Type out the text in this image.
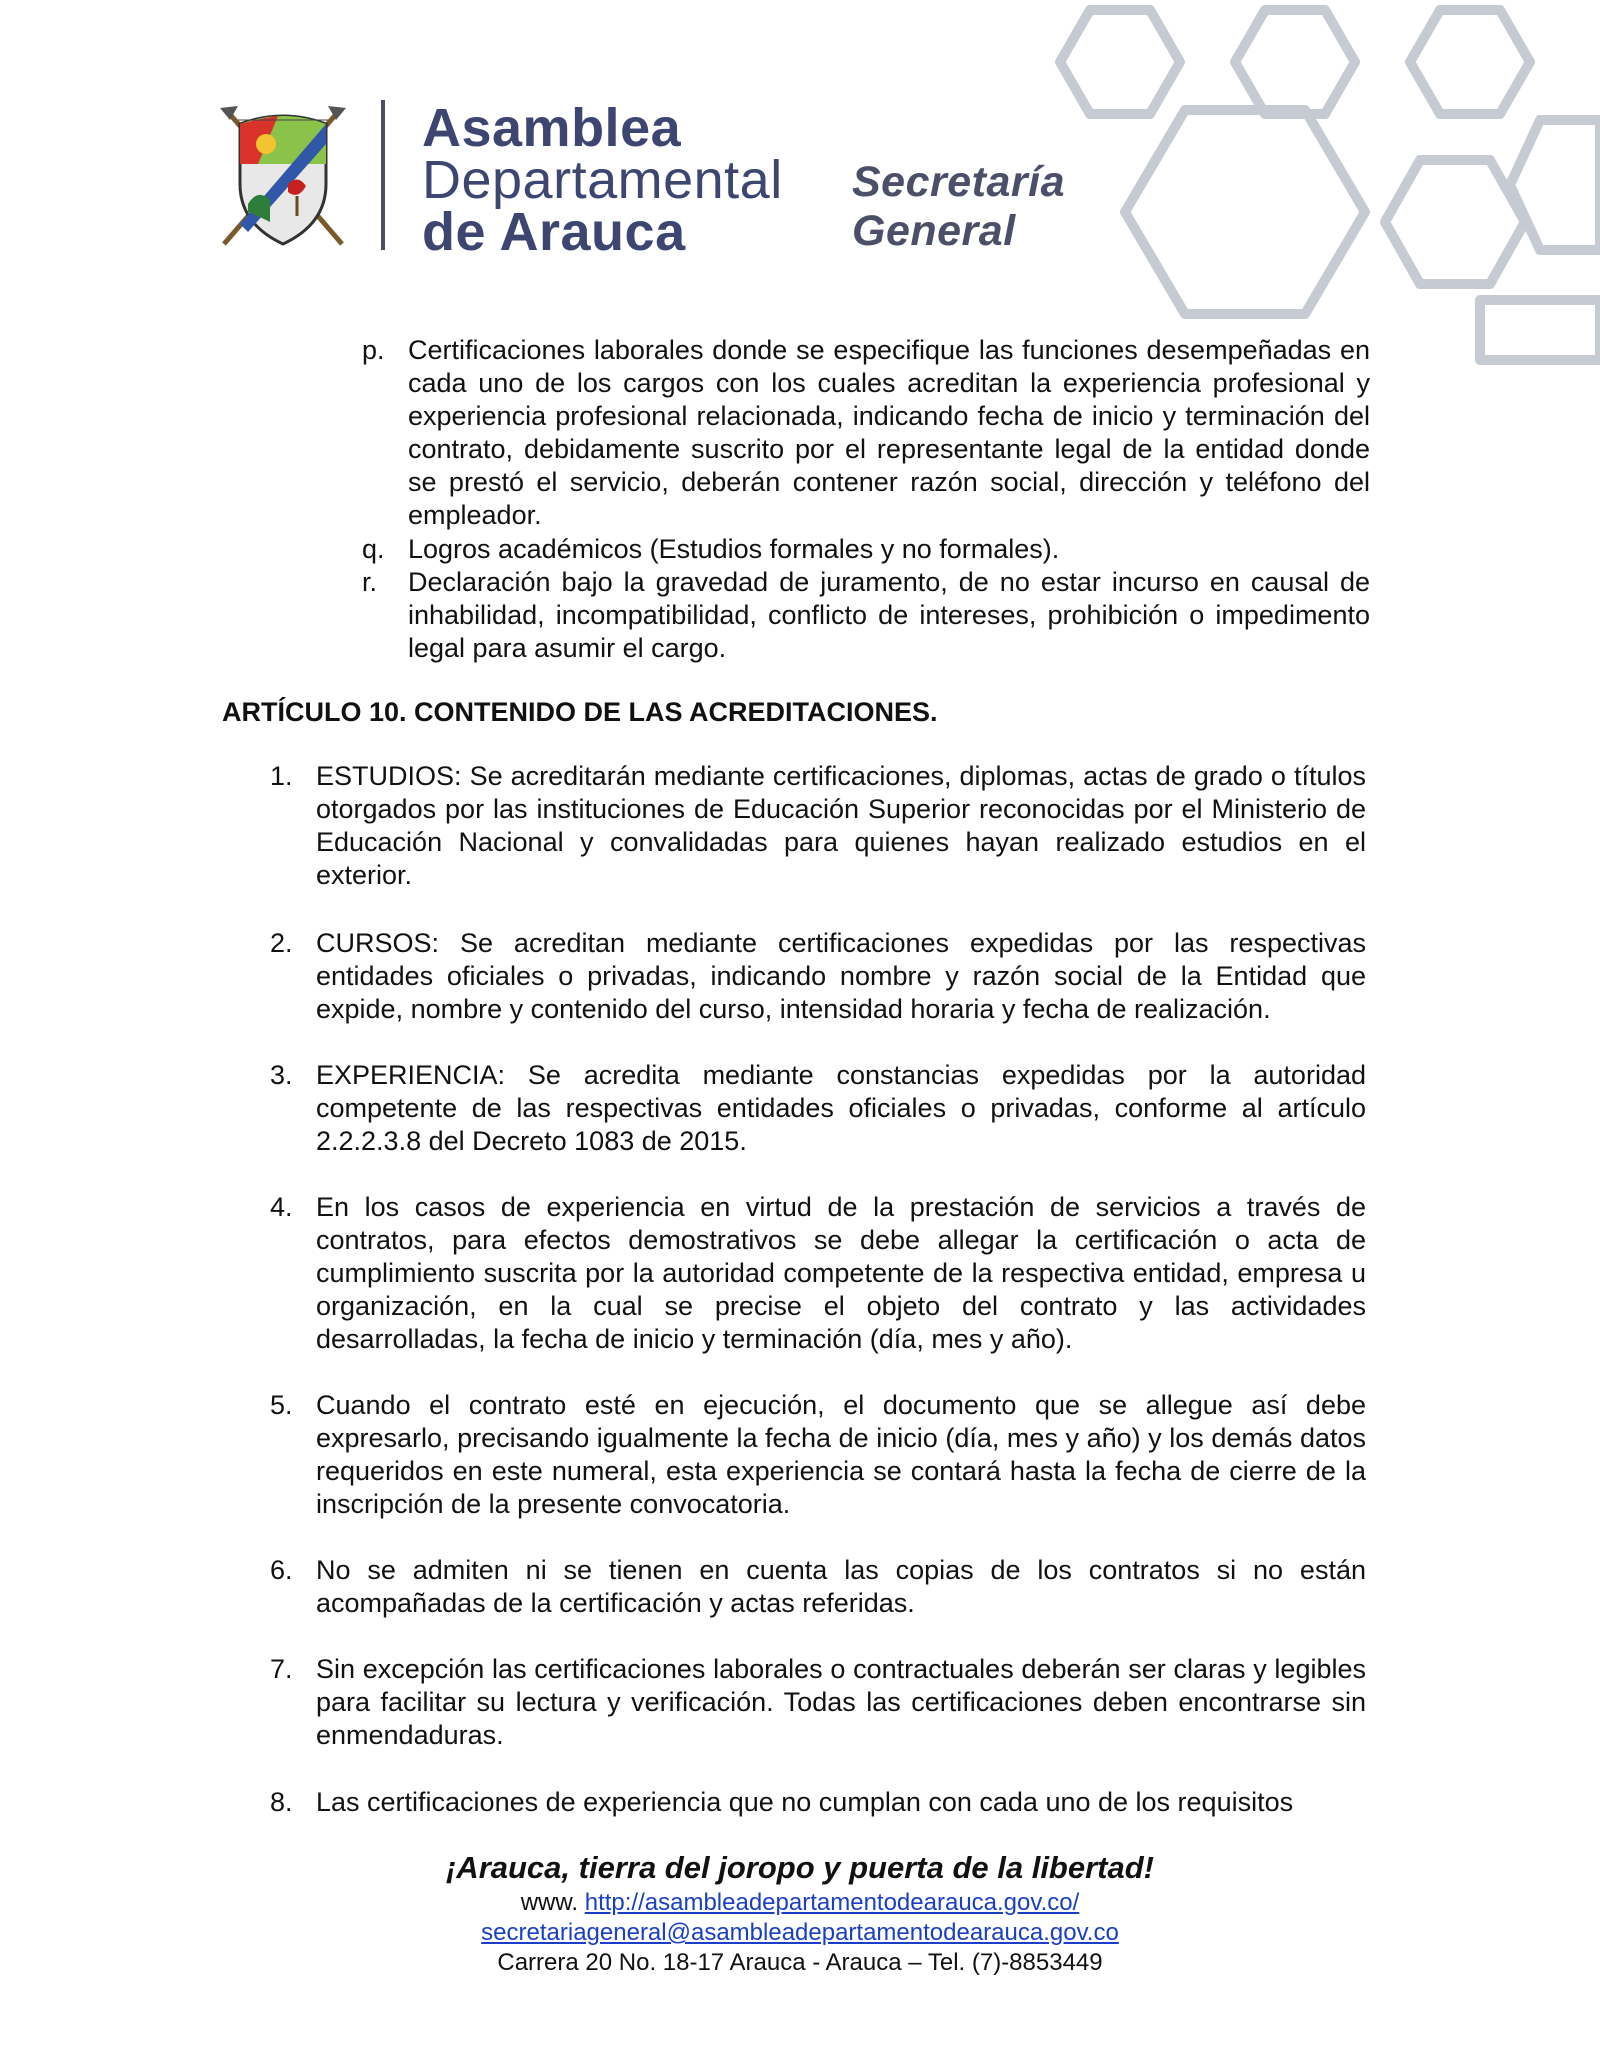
Asamblea
Departamental
de Arauca
Secretaría General
p. Certificaciones laborales donde se especifique las funciones desempeñadas en cada uno de los cargos con los cuales acreditan la experiencia profesional y experiencia profesional relacionada, indicando fecha de inicio y terminación del contrato, debidamente suscrito por el representante legal de la entidad donde se prestó el servicio, deberán contener razón social, dirección y teléfono del empleador.
q. Logros académicos (Estudios formales y no formales).
r. Declaración bajo la gravedad de juramento, de no estar incurso en causal de inhabilidad, incompatibilidad, conflicto de intereses, prohibición o impedimento legal para asumir el cargo.
ARTÍCULO 10. CONTENIDO DE LAS ACREDITACIONES.
1. ESTUDIOS: Se acreditarán mediante certificaciones, diplomas, actas de grado o títulos otorgados por las instituciones de Educación Superior reconocidas por el Ministerio de Educación Nacional y convalidadas para quienes hayan realizado estudios en el exterior.
2. CURSOS: Se acreditan mediante certificaciones expedidas por las respectivas entidades oficiales o privadas, indicando nombre y razón social de la Entidad que expide, nombre y contenido del curso, intensidad horaria y fecha de realización.
3. EXPERIENCIA: Se acredita mediante constancias expedidas por la autoridad competente de las respectivas entidades oficiales o privadas, conforme al artículo 2.2.2.3.8 del Decreto 1083 de 2015.
4. En los casos de experiencia en virtud de la prestación de servicios a través de contratos, para efectos demostrativos se debe allegar la certificación o acta de cumplimiento suscrita por la autoridad competente de la respectiva entidad, empresa u organización, en la cual se precise el objeto del contrato y las actividades desarrolladas, la fecha de inicio y terminación (día, mes y año).
5. Cuando el contrato esté en ejecución, el documento que se allegue así debe expresarlo, precisando igualmente la fecha de inicio (día, mes y año) y los demás datos requeridos en este numeral, esta experiencia se contará hasta la fecha de cierre de la inscripción de la presente convocatoria.
6. No se admiten ni se tienen en cuenta las copias de los contratos si no están acompañadas de la certificación y actas referidas.
7. Sin excepción las certificaciones laborales o contractuales deberán ser claras y legibles para facilitar su lectura y verificación. Todas las certificaciones deben encontrarse sin enmendaduras.
8. Las certificaciones de experiencia que no cumplan con cada uno de los requisitos
¡Arauca, tierra del joropo y puerta de la libertad!
www. http://asambleadepartamentodearauca.gov.co/
secretariageneral@asambleadepartamentodearauca.gov.co
Carrera 20 No. 18-17 Arauca - Arauca – Tel. (7)-8853449
